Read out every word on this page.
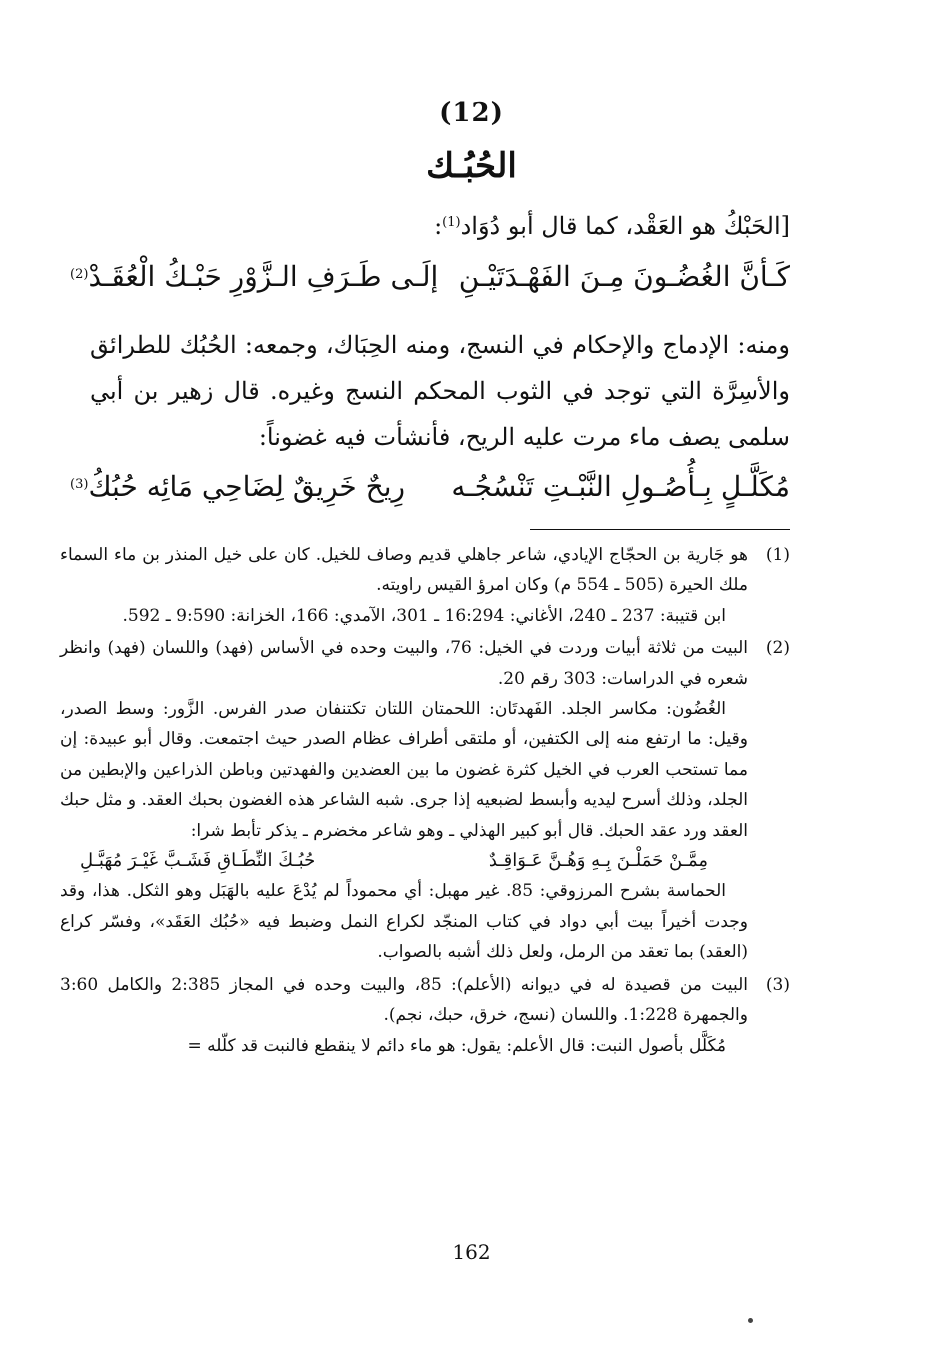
(12)
الحُبُـك
[الحَبْكُ هو العَقْد، كما قال أبو دُوَاد$^{(1)}$:
كَـأنَّ الغُضُـونَ مِـنَ الفَهْـدَتَيْـنِ
إلَـى طَـرَفِ الـزَّوْرِ حَبْـكُ الْعُقَـدْ$^{(2)}$
ومنه: الإدماج والإحكام في النسج، ومنه الحِبَاك، وجمعه: الحُبُك للطرائق والأسِرَّة التي توجد في الثوب المحكم النسج وغيره. قال زهير بن أبي سلمى يصف ماء مرت عليه الريح، فأنشأت فيه غضوناً:
مُكَلَّـلٍ بِـأُصُـولِ النَّبْـتِ تَنْسُجُـه
رِيحٌ خَرِيقٌ لِضَاحِي مَائِه حُبُكُ$^{(3)}$
(1)

هو جَارية بن الحجّاج الإيادي، شاعر جاهلي قديم وصاف للخيل. كان على خيل المنذر بن ماء السماء ملك الحيرة (505 ـ 554 م) وكان امرؤ القيس راويته.

ابن قتيبة: 237 ـ 240، الأغاني: 16:294 ـ 301، الآمدي: 166، الخزانة: 9:590 ـ 592.

(2)

البيت من ثلاثة أبيات وردت في الخيل: 76، والبيت وحده في الأساس (فهد) واللسان (فهد) وانظر شعره في الدراسات: 303 رقم 20.

الغُضُون: مكاسر الجلد. الفَهدتَان: اللحمتان اللتان تكتنفان صدر الفرس. الزَّور: وسط الصدر، وقيل: ما ارتفع منه إلى الكتفين، أو ملتقى أطراف عظام الصدر حيث اجتمعت. وقال أبو عبيدة: إن مما تستحب العرب في الخيل كثرة غضون ما بين العضدين والفهدتين وباطن الذراعين والإبطين من الجلد، وذلك أسرح ليديه وأبسط لضبعيه إذا جرى. شبه الشاعر هذه الغضون بحبك العقد. و مثل حبك العقد ورد عقد الحبك. قال أبو كبير الهذلي ـ وهو شاعر مخضرم ـ يذكر تأبط شرا:

مِمَّـنْ حَمَلْـنَ بِـهِ وَهُـنَّ عَـوَاقِـدٌ
حُبُـكَ النِّطَـاقِ فَشَـبَّ غَيْـرَ مُهَبَّـلِ

الحماسة بشرح المرزوقي: 85. غير مهبل: أي محموداً لم يُدْعَ عليه بالهَبَل وهو الثكل. هذا، وقد وجدت أخيراً بيت أبي دواد في كتاب المنجّد لكراع النمل وضبط فيه «حُبُك العَقَد»، وفسّر كراع (العقد) بما تعقد من الرمل، ولعل ذلك أشبه بالصواب.

(3)

البيت من قصيدة له في ديوانه (الأعلم): 85، والبيت وحده في المجاز 2:385 والكامل 3:60 والجمهرة 1:228. واللسان (نسج، خرق، حبك، نجم).

مُكَلَّل بأصول النبت: قال الأعلم: يقول: هو ماء دائم لا ينقطع فالنبت قد كلّله =

162
